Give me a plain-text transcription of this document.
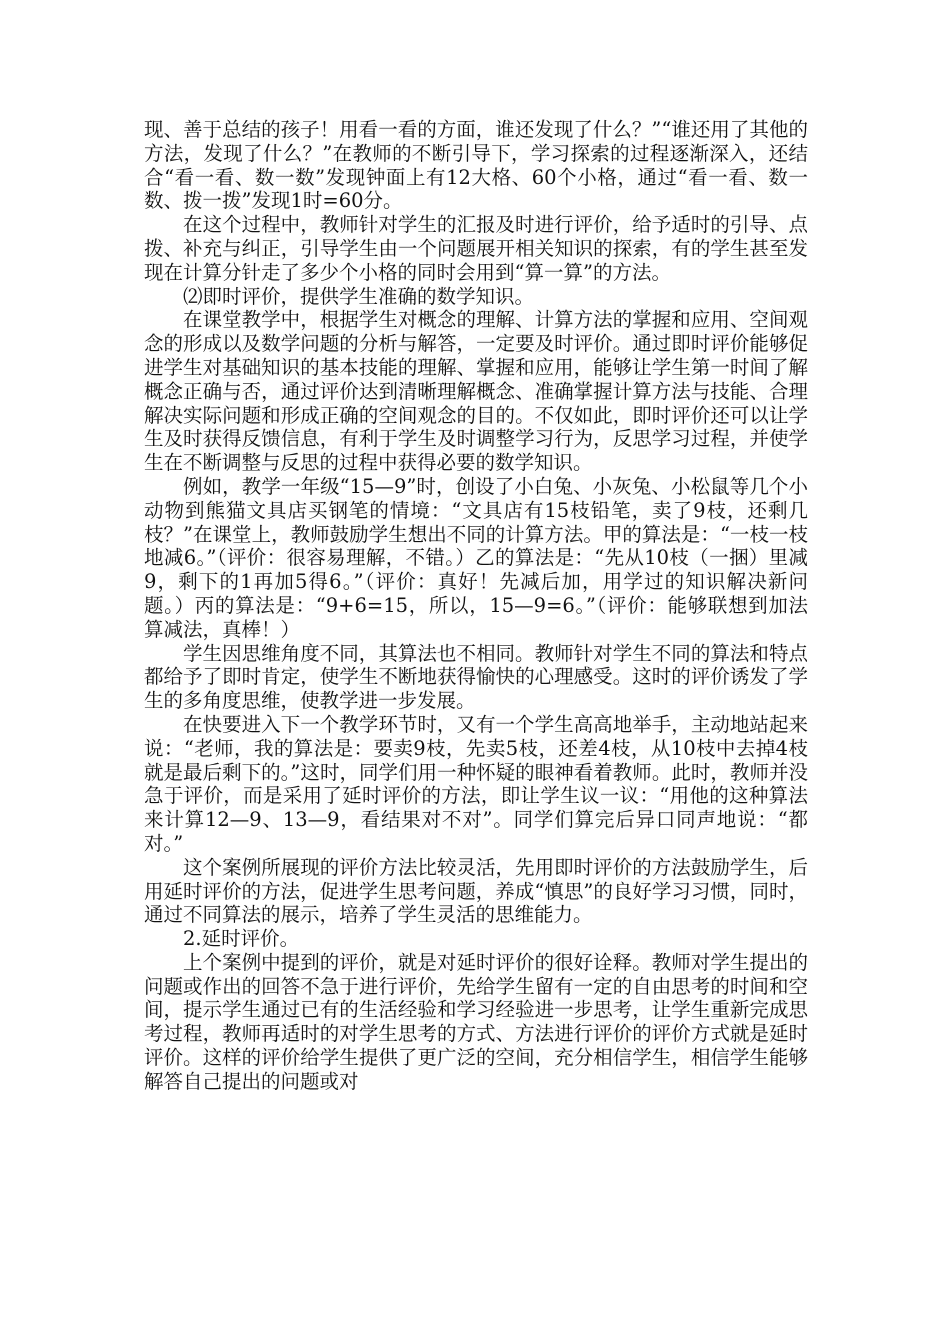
现、善于总结的孩子！用看一看的方面，谁还发现了什么？”“谁还用了其他的方法，发现了什么？”在教师的不断引导下，学习探索的过程逐渐深入，还结合“看一看、数一数”发现钟面上有12大格、60个小格，通过“看一看、数一数、拨一拨”发现1时=60分。

在这个过程中，教师针对学生的汇报及时进行评价，给予适时的引导、点拨、补充与纠正，引导学生由一个问题展开相关知识的探索，有的学生甚至发现在计算分针走了多少个小格的同时会用到“算一算”的方法。

⑵即时评价，提供学生准确的数学知识。

在课堂教学中，根据学生对概念的理解、计算方法的掌握和应用、空间观念的形成以及数学问题的分析与解答，一定要及时评价。通过即时评价能够促进学生对基础知识的基本技能的理解、掌握和应用，能够让学生第一时间了解概念正确与否，通过评价达到清晰理解概念、准确掌握计算方法与技能、合理解决实际问题和形成正确的空间观念的目的。不仅如此，即时评价还可以让学生及时获得反馈信息，有利于学生及时调整学习行为，反思学习过程，并使学生在不断调整与反思的过程中获得必要的数学知识。

例如，教学一年级“15—9”时，创设了小白兔、小灰兔、小松鼠等几个小动物到熊猫文具店买钢笔的情境：“文具店有15枝铅笔，卖了9枝，还剩几枝？”在课堂上，教师鼓励学生想出不同的计算方法。甲的算法是：“一枝一枝地减6。”（评价：很容易理解，不错。）乙的算法是：“先从10枝（一捆）里减9，剩下的1再加5得6。”（评价：真好！先减后加，用学过的知识解决新问题。）丙的算法是：“9+6=15，所以，15—9=6。”（评价：能够联想到加法算减法，真棒！）

学生因思维角度不同，其算法也不相同。教师针对学生不同的算法和特点都给予了即时肯定，使学生不断地获得愉快的心理感受。这时的评价诱发了学生的多角度思维，使教学进一步发展。

在快要进入下一个教学环节时，又有一个学生高高地举手，主动地站起来说：“老师，我的算法是：要卖9枝，先卖5枝，还差4枝，从10枝中去掉4枝就是最后剩下的。”这时，同学们用一种怀疑的眼神看着教师。此时，教师并没急于评价，而是采用了延时评价的方法，即让学生议一议：“用他的这种算法来计算12—9、13—9，看结果对不对”。同学们算完后异口同声地说：“都对。”

这个案例所展现的评价方法比较灵活，先用即时评价的方法鼓励学生，后用延时评价的方法，促进学生思考问题，养成“慎思”的良好学习习惯，同时，通过不同算法的展示，培养了学生灵活的思维能力。

2.延时评价。

上个案例中提到的评价，就是对延时评价的很好诠释。教师对学生提出的问题或作出的回答不急于进行评价，先给学生留有一定的自由思考的时间和空间，提示学生通过已有的生活经验和学习经验进一步思考，让学生重新完成思考过程，教师再适时的对学生思考的方式、方法进行评价的评价方式就是延时评价。这样的评价给学生提供了更广泛的空间，充分相信学生，相信学生能够解答自己提出的问题或对
